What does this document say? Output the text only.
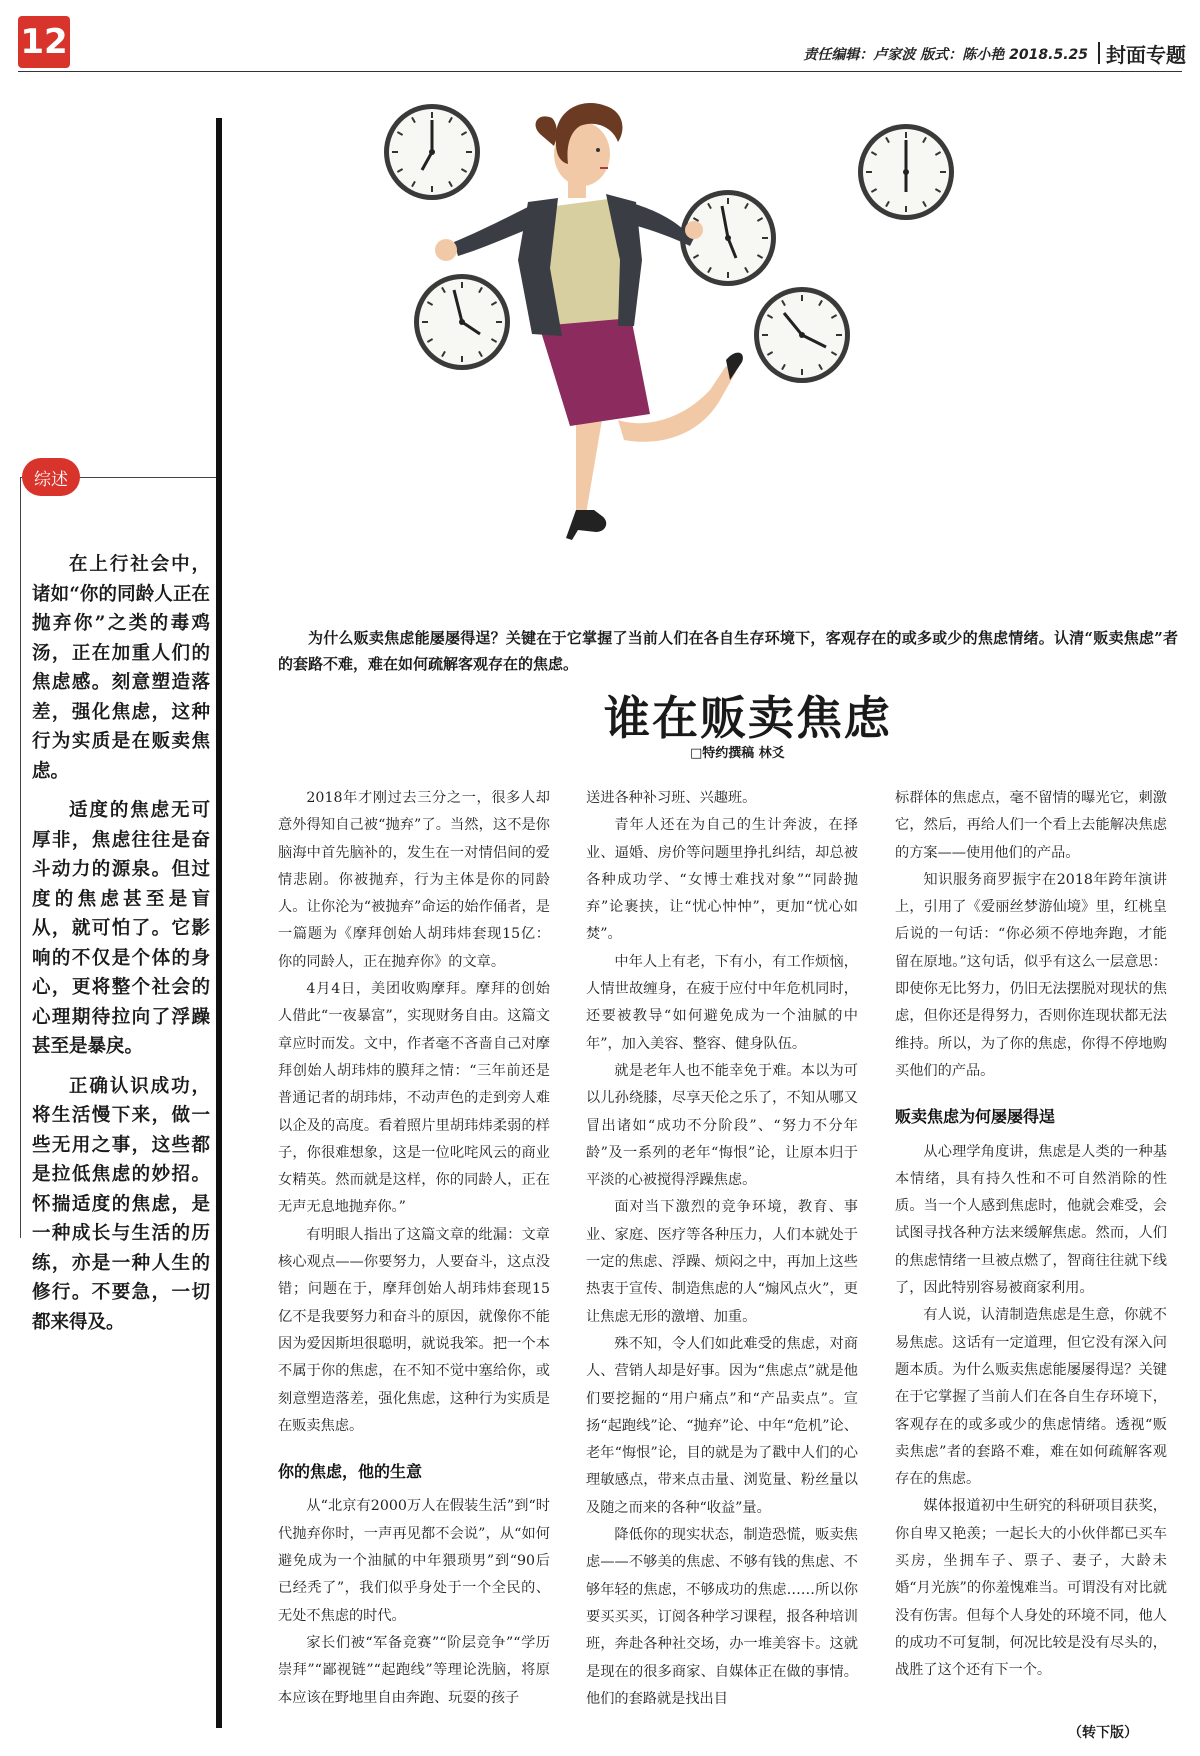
12	责任编辑：卢家波 版式：陈小艳 2018.5.25 封面专题
综述

在上行社会中，诸如“你的同龄人正在抛弃你”之类的毒鸡汤，正在加重人们的焦虑感。刻意塑造落差，强化焦虑，这种行为实质是在贩卖焦虑。

适度的焦虑无可厚非，焦虑往往是奋斗动力的源泉。但过度的焦虑甚至是盲从，就可怕了。它影响的不仅是个体的身心，更将整个社会的心理期待拉向了浮躁甚至是暴戾。

正确认识成功，将生活慢下来，做一些无用之事，这些都是拉低焦虑的妙招。怀揣适度的焦虑，是一种成长与生活的历练，亦是一种人生的修行。不要急，一切都来得及。

为什么贩卖焦虑能屡屡得逞？关键在于它掌握了当前人们在各自生存环境下，客观存在的或多或少的焦虑情绪。认清“贩卖焦虑”者的套路不难，难在如何疏解客观存在的焦虑。
谁在贩卖焦虑
□特约撰稿 林爻

2018年才刚过去三分之一，很多人却意外得知自己被“抛弃”了。当然，这不是你脑海中首先脑补的，发生在一对情侣间的爱情悲剧。你被抛弃，行为主体是你的同龄人。让你沦为“被抛弃”命运的始作俑者，是一篇题为《摩拜创始人胡玮炜套现15亿：你的同龄人，正在抛弃你》的文章。

4月4日，美团收购摩拜。摩拜的创始人借此“一夜暴富”，实现财务自由。这篇文章应时而发。文中，作者毫不吝啬自己对摩拜创始人胡玮炜的膜拜之情：“三年前还是普通记者的胡玮炜，不动声色的走到旁人难以企及的高度。看着照片里胡玮炜柔弱的样子，你很难想象，这是一位叱咤风云的商业女精英。然而就是这样，你的同龄人，正在无声无息地抛弃你。”

有明眼人指出了这篇文章的纰漏：文章核心观点——你要努力，人要奋斗，这点没错；问题在于，摩拜创始人胡玮炜套现15亿不是我要努力和奋斗的原因，就像你不能因为爱因斯坦很聪明，就说我笨。把一个本不属于你的焦虑，在不知不觉中塞给你，或刻意塑造落差，强化焦虑，这种行为实质是在贩卖焦虑。

你的焦虑，他的生意

从“北京有2000万人在假装生活”到“时代抛弃你时，一声再见都不会说”，从“如何避免成为一个油腻的中年猥琐男”到“90后已经秃了”，我们似乎身处于一个全民的、无处不焦虑的时代。

家长们被“军备竞赛”“阶层竞争”“学历崇拜”“鄙视链”“起跑线”等理论洗脑，将原本应该在野地里自由奔跑、玩耍的孩子

送进各种补习班、兴趣班。

青年人还在为自己的生计奔波，在择业、逼婚、房价等问题里挣扎纠结，却总被各种成功学、“女博士难找对象”“同龄抛弃”论裹挟，让“忧心忡忡”，更加“忧心如焚”。

中年人上有老，下有小，有工作烦恼，人情世故缠身，在疲于应付中年危机同时，还要被教导“如何避免成为一个油腻的中年”，加入美容、整容、健身队伍。

就是老年人也不能幸免于难。本以为可以儿孙绕膝，尽享天伦之乐了，不知从哪又冒出诸如“成功不分阶段”、“努力不分年龄”及一系列的老年“悔恨”论，让原本归于平淡的心被搅得浮躁焦虑。

面对当下激烈的竞争环境，教育、事业、家庭、医疗等各种压力，人们本就处于一定的焦虑、浮躁、烦闷之中，再加上这些热衷于宣传、制造焦虑的人“煽风点火”，更让焦虑无形的激增、加重。

殊不知，令人们如此难受的焦虑，对商人、营销人却是好事。因为“焦虑点”就是他们要挖掘的“用户痛点”和“产品卖点”。宣扬“起跑线”论、“抛弃”论、中年“危机”论、老年“悔恨”论，目的就是为了戳中人们的心理敏感点，带来点击量、浏览量、粉丝量以及随之而来的各种“收益”量。

降低你的现实状态，制造恐慌，贩卖焦虑——不够美的焦虑、不够有钱的焦虑、不够年轻的焦虑，不够成功的焦虑……所以你要买买买，订阅各种学习课程，报各种培训班，奔赴各种社交场，办一堆美容卡。这就是现在的很多商家、自媒体正在做的事情。他们的套路就是找出目

标群体的焦虑点，毫不留情的曝光它，刺激它，然后，再给人们一个看上去能解决焦虑的方案——使用他们的产品。

知识服务商罗振宇在2018年跨年演讲上，引用了《爱丽丝梦游仙境》里，红桃皇后说的一句话：“你必须不停地奔跑，才能留在原地。”这句话，似乎有这么一层意思：即使你无比努力，仍旧无法摆脱对现状的焦虑，但你还是得努力，否则你连现状都无法维持。所以，为了你的焦虑，你得不停地购买他们的产品。

贩卖焦虑为何屡屡得逞

从心理学角度讲，焦虑是人类的一种基本情绪，具有持久性和不可自然消除的性质。当一个人感到焦虑时，他就会难受，会试图寻找各种方法来缓解焦虑。然而，人们的焦虑情绪一旦被点燃了，智商往往就下线了，因此特别容易被商家利用。

有人说，认清制造焦虑是生意，你就不易焦虑。这话有一定道理，但它没有深入问题本质。为什么贩卖焦虑能屡屡得逞？关键在于它掌握了当前人们在各自生存环境下，客观存在的或多或少的焦虑情绪。透视“贩卖焦虑”者的套路不难，难在如何疏解客观存在的焦虑。

媒体报道初中生研究的科研项目获奖，你自卑又艳羡；一起长大的小伙伴都已买车买房，坐拥车子、票子、妻子，大龄未婚“月光族”的你羞愧难当。可谓没有对比就没有伤害。但每个人身处的环境不同，他人的成功不可复制，何况比较是没有尽头的，战胜了这个还有下一个。

（转下版）
